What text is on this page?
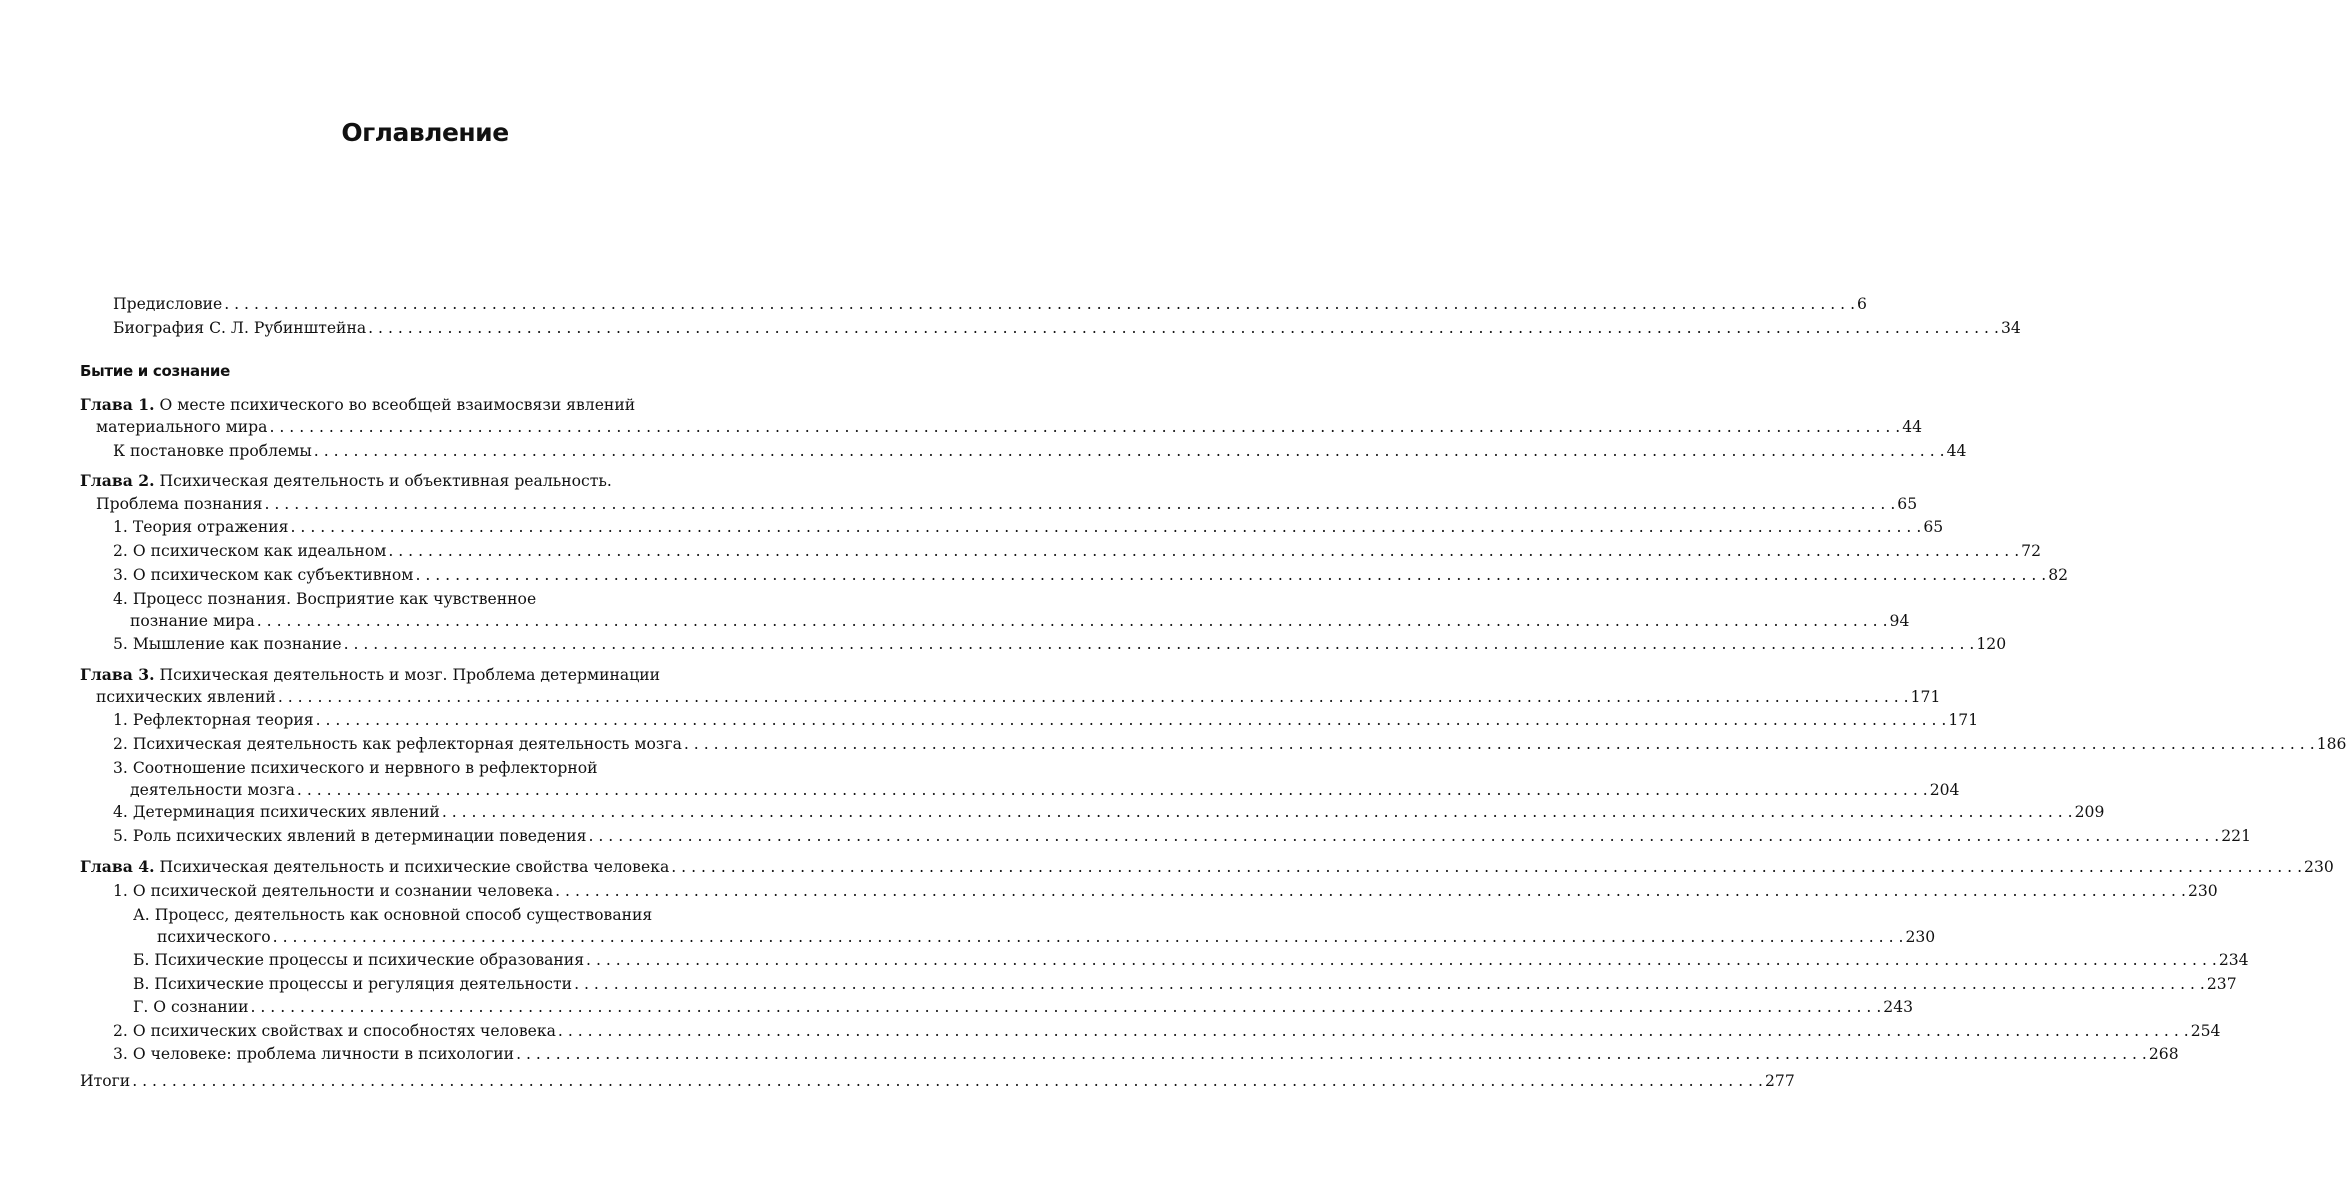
Оглавление
Предисловие . . .	6
Биография С. Л. Рубинштейна . . .	34
Бытие и сознание
Глава 1. О месте психического во всеобщей взаимосвязи явлений
материального мира . . .	44
К постановке проблемы . . .	44
Глава 2. Психическая деятельность и объективная реальность.
Проблема познания . . .	65
1. Теория отражения . . .	65
2. О психическом как идеальном . . .	72
3. О психическом как субъективном . . .	82
4. Процесс познания. Восприятие как чувственное
познание мира . . .	94
5. Мышление как познание . . .	120
Глава 3. Психическая деятельность и мозг. Проблема детерминации
психических явлений . . .	171
1. Рефлекторная теория . . .	171
2. Психическая деятельность как рефлекторная деятельность мозга . . .	186
3. Соотношение психического и нервного в рефлекторной
деятельности мозга . . .	204
4. Детерминация психических явлений . . .	209
5. Роль психических явлений в детерминации поведения . . .	221
Глава 4. Психическая деятельность и психические свойства человека . . .	230
1. О психической деятельности и сознании человека . . .	230
А. Процесс, деятельность как основной способ существования
психического . . .	230
Б. Психические процессы и психические образования . . .	234
В. Психические процессы и регуляция деятельности . . .	237
Г. О сознании . . .	243
2. О психических свойствах и способностях человека . . .	254
3. О человеке: проблема личности в психологии . . .	268
Итоги . . .	277
